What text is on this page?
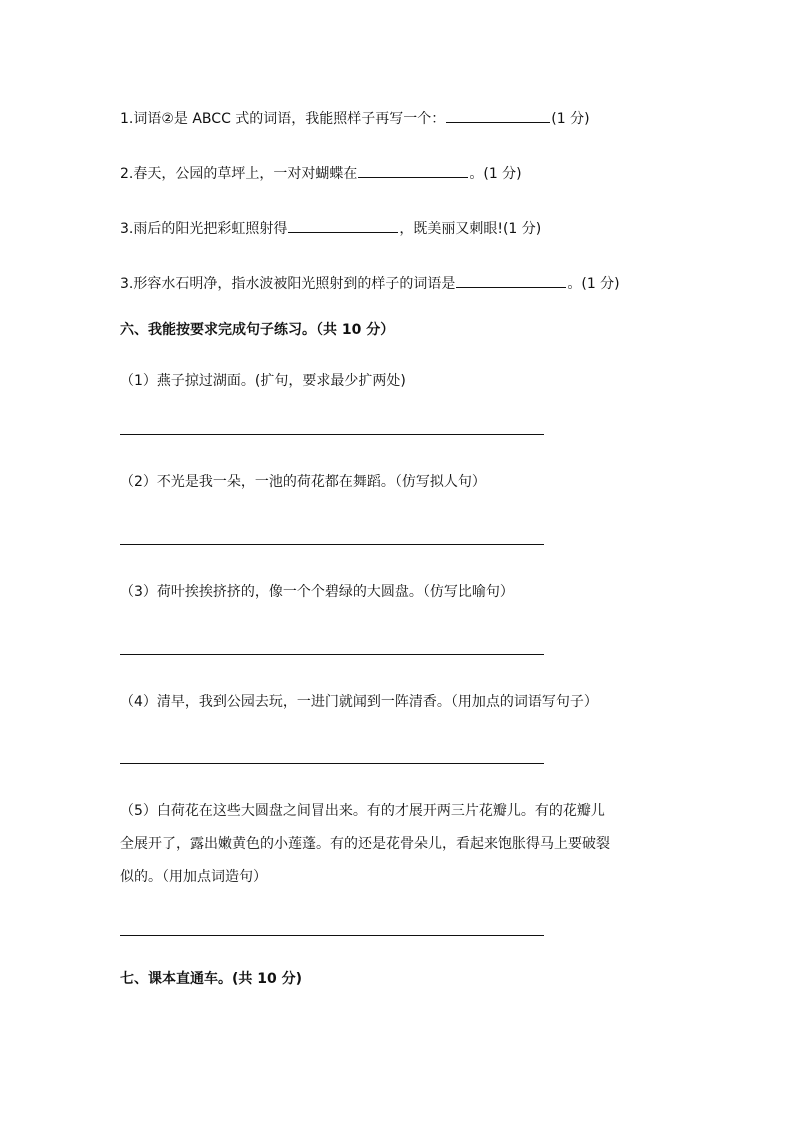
1.词语②是 ABCC 式的词语，我能照样子再写一个：	(1 分)
2.春天，公园的草坪上，一对对蝴蝶在	。(1 分)
3.雨后的阳光把彩虹照射得	，既美丽又刺眼!(1 分)
3.形容水石明净，指水波被阳光照射到的样子的词语是	。(1 分)
六、我能按要求完成句子练习。（共 10 分）
（1）燕子掠过湖面。(扩句，要求最少扩两处)
（2）不光是我一朵，一池的荷花都在舞蹈。（仿写拟人句）
（3）荷叶挨挨挤挤的，像一个个碧绿的大圆盘。（仿写比喻句）
（4）清早，我到公园去玩，一进门就闻到一阵清香。（用加点的词语写句子）
（5）白荷花在这些大圆盘之间冒出来。有的才展开两三片花瓣儿。有的花瓣儿
全展开了，露出嫩黄色的小莲蓬。有的还是花骨朵儿，看起来饱胀得马上要破裂
似的。（用加点词造句）
七、课本直通车。(共 10 分)
